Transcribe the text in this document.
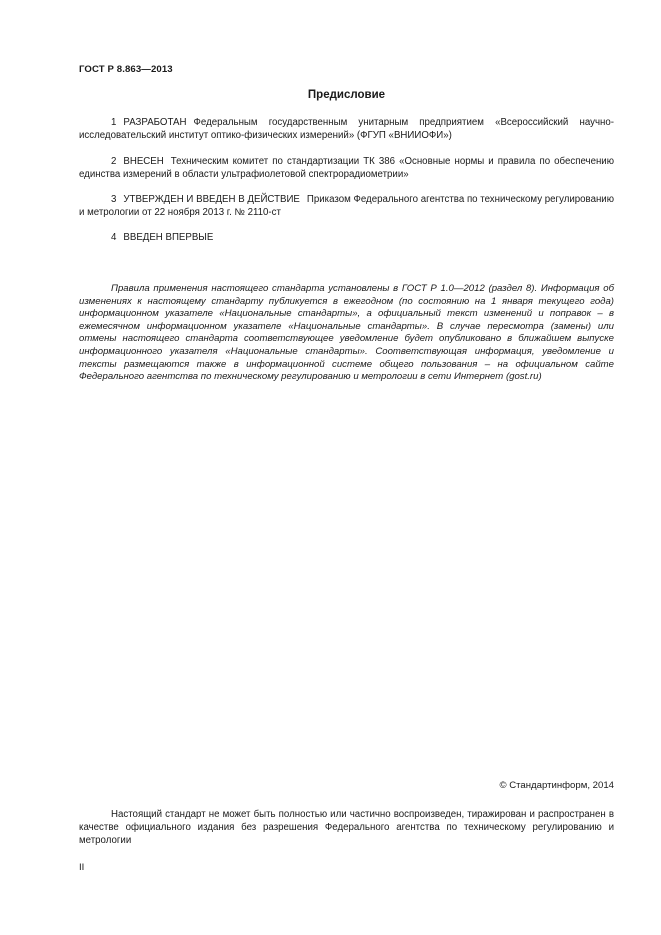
ГОСТ Р 8.863—2013
Предисловие
1 РАЗРАБОТАН Федеральным государственным унитарным предприятием «Всероссийский научно-исследовательский институт оптико-физических измерений» (ФГУП «ВНИИОФИ»)
2 ВНЕСЕН Техническим комитет по стандартизации ТК 386 «Основные нормы и правила по обеспечению единства измерений в области ультрафиолетовой спектрорадиометрии»
3 УТВЕРЖДЕН И ВВЕДЕН В ДЕЙСТВИЕ Приказом Федерального агентства по техническому регулированию и метрологии от 22 ноября 2013 г. № 2110-ст
4 ВВЕДЕН ВПЕРВЫЕ
Правила применения настоящего стандарта установлены в ГОСТ Р 1.0—2012 (раздел 8). Информация об изменениях к настоящему стандарту публикуется в ежегодном (по состоянию на 1 января текущего года) информационном указателе «Национальные стандарты», а официальный текст изменений и поправок – в ежемесячном информационном указателе «Национальные стандарты». В случае пересмотра (замены) или отмены настоящего стандарта соответствующее уведомление будет опубликовано в ближайшем выпуске информационного указателя «Национальные стандарты». Соответствующая информация, уведомление и тексты размещаются также в информационной системе общего пользования – на официальном сайте Федерального агентства по техническому регулированию и метрологии в сети Интернет (gost.ru)
© Стандартинформ, 2014
Настоящий стандарт не может быть полностью или частично воспроизведен, тиражирован и распространен в качестве официального издания без разрешения Федерального агентства по техническому регулированию и метрологии
II
